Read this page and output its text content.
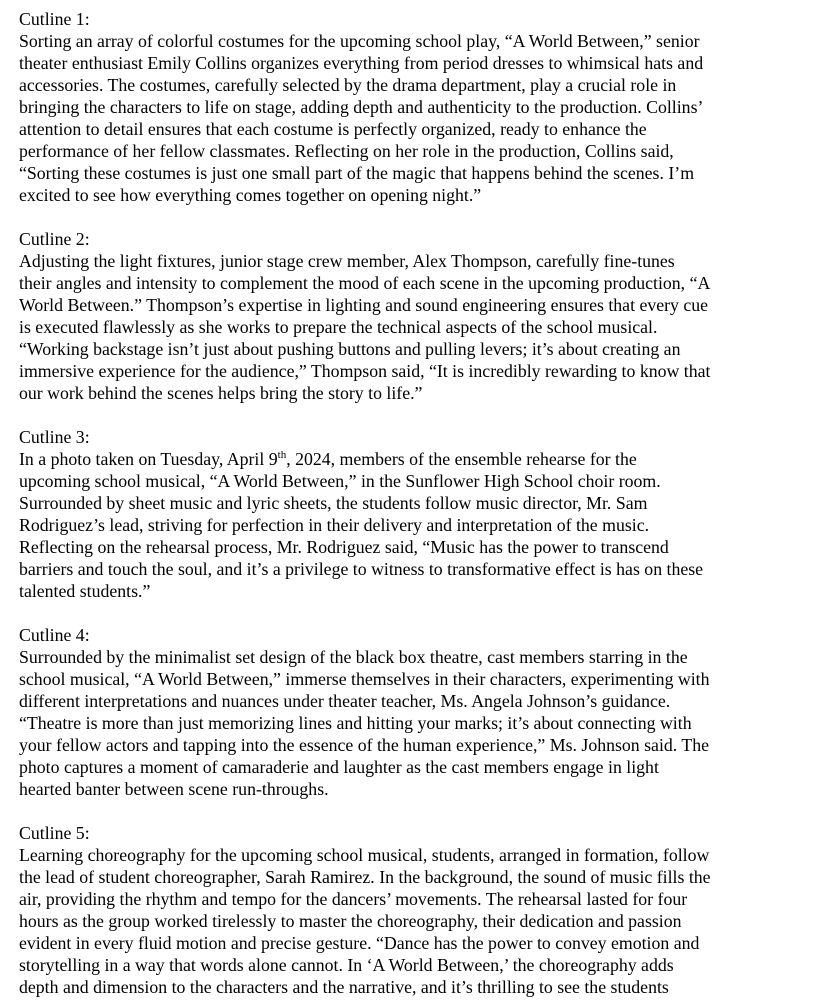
Cutline 1:
Sorting an array of colorful costumes for the upcoming school play, “A World Between,” senior
theater enthusiast Emily Collins organizes everything from period dresses to whimsical hats and
accessories. The costumes, carefully selected by the drama department, play a crucial role in
bringing the characters to life on stage, adding depth and authenticity to the production. Collins’
attention to detail ensures that each costume is perfectly organized, ready to enhance the
performance of her fellow classmates. Reflecting on her role in the production, Collins said,
“Sorting these costumes is just one small part of the magic that happens behind the scenes. I’m
excited to see how everything comes together on opening night.”
Cutline 2:
Adjusting the light fixtures, junior stage crew member, Alex Thompson, carefully fine-tunes
their angles and intensity to complement the mood of each scene in the upcoming production, “A
World Between.” Thompson’s expertise in lighting and sound engineering ensures that every cue
is executed flawlessly as she works to prepare the technical aspects of the school musical.
“Working backstage isn’t just about pushing buttons and pulling levers; it’s about creating an
immersive experience for the audience,” Thompson said, “It is incredibly rewarding to know that
our work behind the scenes helps bring the story to life.”
Cutline 3:
In a photo taken on Tuesday, April 9th, 2024, members of the ensemble rehearse for the
upcoming school musical, “A World Between,” in the Sunflower High School choir room.
Surrounded by sheet music and lyric sheets, the students follow music director, Mr. Sam
Rodriguez’s lead, striving for perfection in their delivery and interpretation of the music.
Reflecting on the rehearsal process, Mr. Rodriguez said, “Music has the power to transcend
barriers and touch the soul, and it’s a privilege to witness to transformative effect is has on these
talented students.”
Cutline 4:
Surrounded by the minimalist set design of the black box theatre, cast members starring in the
school musical, “A World Between,” immerse themselves in their characters, experimenting with
different interpretations and nuances under theater teacher, Ms. Angela Johnson’s guidance.
“Theatre is more than just memorizing lines and hitting your marks; it’s about connecting with
your fellow actors and tapping into the essence of the human experience,” Ms. Johnson said. The
photo captures a moment of camaraderie and laughter as the cast members engage in light
hearted banter between scene run-throughs.
Cutline 5:
Learning choreography for the upcoming school musical, students, arranged in formation, follow
the lead of student choreographer, Sarah Ramirez. In the background, the sound of music fills the
air, providing the rhythm and tempo for the dancers’ movements. The rehearsal lasted for four
hours as the group worked tirelessly to master the choreography, their dedication and passion
evident in every fluid motion and precise gesture. “Dance has the power to convey emotion and
storytelling in a way that words alone cannot. In ‘A World Between,’ the choreography adds
depth and dimension to the characters and the narrative, and it’s thrilling to see the students
